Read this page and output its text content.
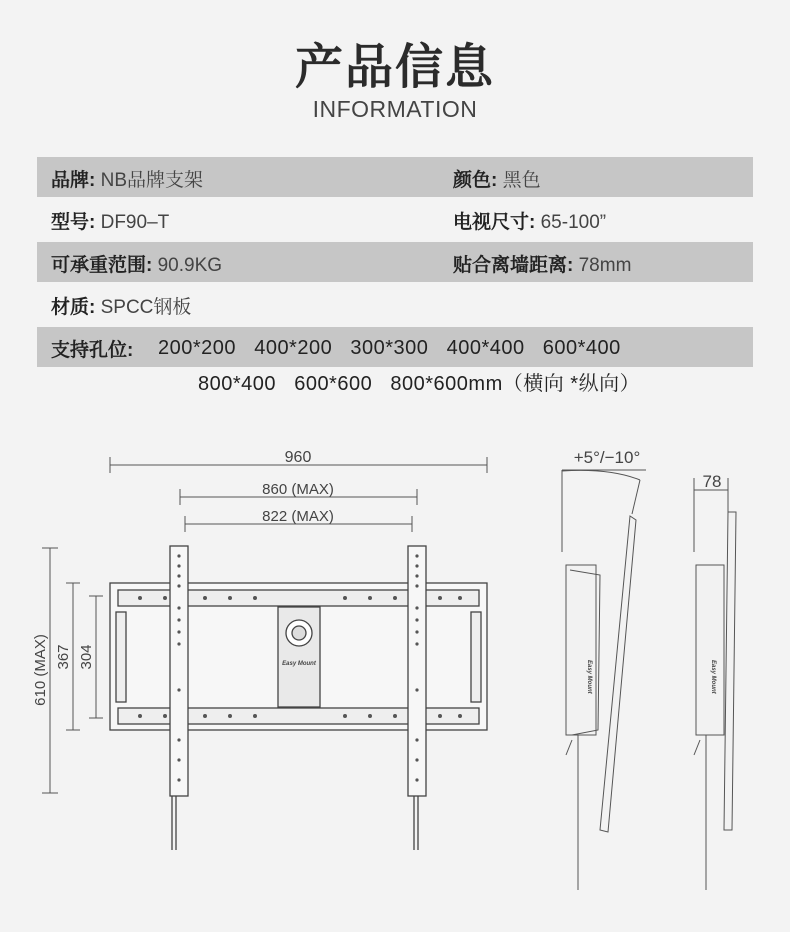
产品信息
INFORMATION
品牌: NB品牌支架	颜色: 黑色
型号: DF90–T	电视尺寸: 65-100”
可承重范围: 90.9KG	贴合离墙距离: 78mm
材质: SPCC钢板
支持孔位: 200*200   400*200   300*300   400*400   600*400
800*400   600*600   800*600mm（横向 *纵向）
960
860 (MAX)
822 (MAX)
610 (MAX) 367 304	Easy Mount
+5°/−10°
Easy Mount
78
Easy Mount
